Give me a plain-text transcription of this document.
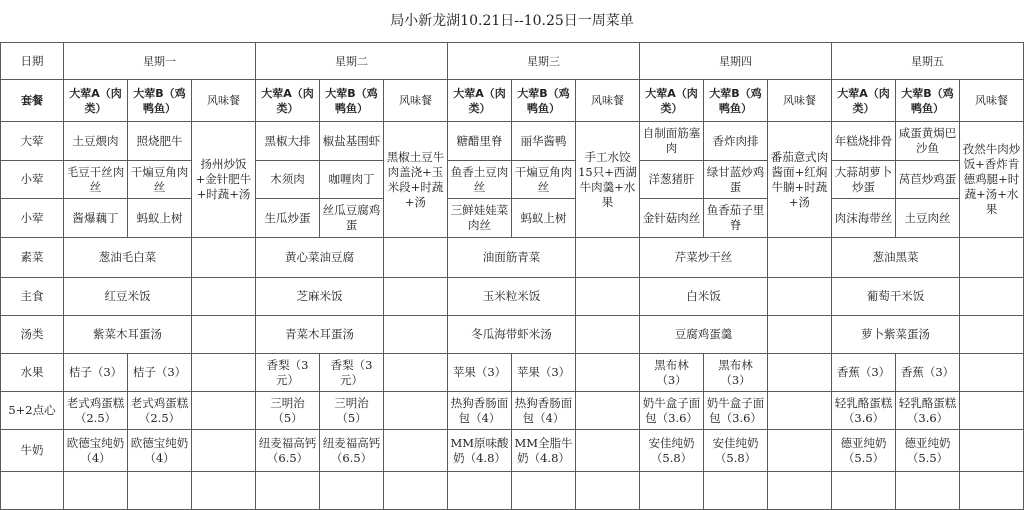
局小新龙湖10.21日--10.25日一周菜单
日期	星期一			星期二			星期三			星期四			星期五		
套餐	大荤A（肉类）	大荤B（鸡鸭鱼）	风味餐	大荤A（肉类）	大荤B（鸡鸭鱼）	风味餐	大荤A（肉类）	大荤B（鸡鸭鱼）	风味餐	大荤A（肉类）	大荤B（鸡鸭鱼）	风味餐	大荤A（肉类）	大荤B（鸡鸭鱼）	风味餐
大荤	土豆煨肉	照烧肥牛	扬州炒饭+金针肥牛+时蔬+汤	黑椒大排	椒盐基围虾	黑椒土豆牛肉盖浇+玉米段+时蔬+汤	糖醋里脊	丽华酱鸭	手工水饺15只+西湖牛肉羹+水果	自制面筋塞肉	香炸肉排	番茄意式肉酱面+红焖牛腩+时蔬+汤	年糕烧排骨	咸蛋黄焗巴沙鱼	孜然牛肉炒饭+香炸肯德鸡腿+时蔬+汤+水果
小荤	毛豆干丝肉丝	干煸豆角肉丝		木须肉	咖喱肉丁		鱼香土豆肉丝	干煸豆角肉丝		洋葱猪肝	绿甘蓝炒鸡蛋		大蒜胡萝卜炒蛋	莴苣炒鸡蛋	
小荤	酱爆藕丁	蚂蚁上树		生瓜炒蛋	丝瓜豆腐鸡蛋		三鲜娃娃菜肉丝	蚂蚁上树		金针菇肉丝	鱼香茄子里脊		肉沫海带丝	土豆肉丝	
素菜	葱油毛白菜			黄心菜油豆腐			油面筋青菜			芹菜炒干丝			葱油黑菜		
主食	红豆米饭			芝麻米饭			玉米粒米饭			白米饭			葡萄干米饭		
汤类	紫菜木耳蛋汤			青菜木耳蛋汤			冬瓜海带虾米汤			豆腐鸡蛋羹			萝卜紫菜蛋汤		
水果	桔子（3）	桔子（3）		香梨（3元）	香梨（3元）		苹果（3）	苹果（3）		黑布林（3）	黑布林（3）		香蕉（3）	香蕉（3）	
5+2点心	老式鸡蛋糕（2.5）	老式鸡蛋糕（2.5）		三明治（5）	三明治（5）		热狗香肠面包（4）	热狗香肠面包（4）		奶牛盒子面包（3.6）	奶牛盒子面包（3.6）		轻乳酪蛋糕（3.6）	轻乳酪蛋糕（3.6）	
牛奶	欧德宝纯奶（4）	欧德宝纯奶（4）		纽麦福高钙（6.5）	纽麦福高钙（6.5）		MM原味酸奶（4.8）	MM全脂牛奶（4.8）		安佳纯奶（5.8）	安佳纯奶（5.8）		德亚纯奶（5.5）	德亚纯奶（5.5）	
